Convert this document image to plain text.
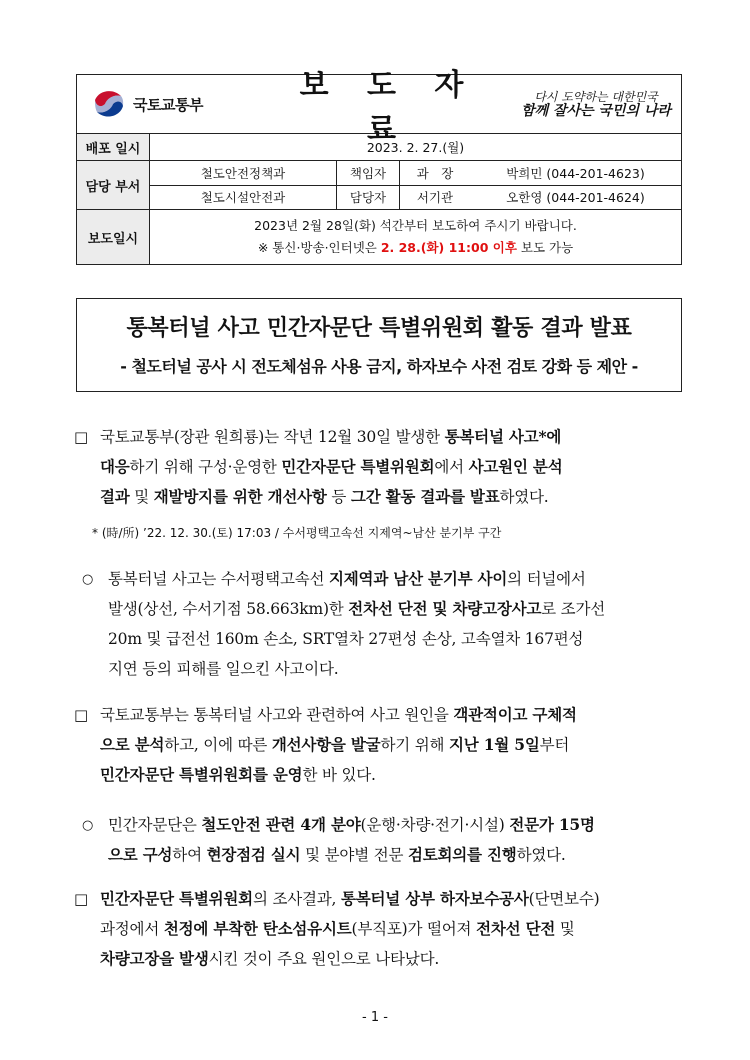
국토교통부
보 도 자 료
다시 도약하는 대한민국
함께 잘사는 국민의 나라
배포 일시	2023. 2. 27.(월)
담당 부서
철도안전정책과	책임자	과　장	박희민 (044-201-4623)
철도시설안전과	담당자	서기관	오한영 (044-201-4624)
보도일시
2023년 2월 28일(화) 석간부터 보도하여 주시기 바랍니다.
※ 통신·방송·인터넷은 2. 28.(화) 11:00 이후 보도 가능
통복터널 사고 민간자문단 특별위원회 활동 결과 발표
- 철도터널 공사 시 전도체섬유 사용 금지, 하자보수 사전 검토 강화 등 제안 -
□ 국토교통부(장관 원희룡)는 작년 12월 30일 발생한 통복터널 사고*에
대응하기 위해 구성·운영한 민간자문단 특별위원회에서 사고원인 분석
결과 및 재발방지를 위한 개선사항 등 그간 활동 결과를 발표하였다.
* (時/所) ’22. 12. 30.(토) 17:03 / 수서평택고속선 지제역~남산 분기부 구간
○ 통복터널 사고는 수서평택고속선 지제역과 남산 분기부 사이의 터널에서
발생(상선, 수서기점 58.663km)한 전차선 단전 및 차량고장사고로 조가선
20m 및 급전선 160m 손소, SRT열차 27편성 손상, 고속열차 167편성
지연 등의 피해를 일으킨 사고이다.
□ 국토교통부는 통복터널 사고와 관련하여 사고 원인을 객관적이고 구체적
으로 분석하고, 이에 따른 개선사항을 발굴하기 위해 지난 1월 5일부터
민간자문단 특별위원회를 운영한 바 있다.
○ 민간자문단은 철도안전 관련 4개 분야(운행·차량·전기·시설) 전문가 15명
으로 구성하여 현장점검 실시 및 분야별 전문 검토회의를 진행하였다.
□ 민간자문단 특별위원회의 조사결과, 통복터널 상부 하자보수공사(단면보수)
과정에서 천정에 부착한 탄소섬유시트(부직포)가 떨어져 전차선 단전 및
차량고장을 발생시킨 것이 주요 원인으로 나타났다.
- 1 -
